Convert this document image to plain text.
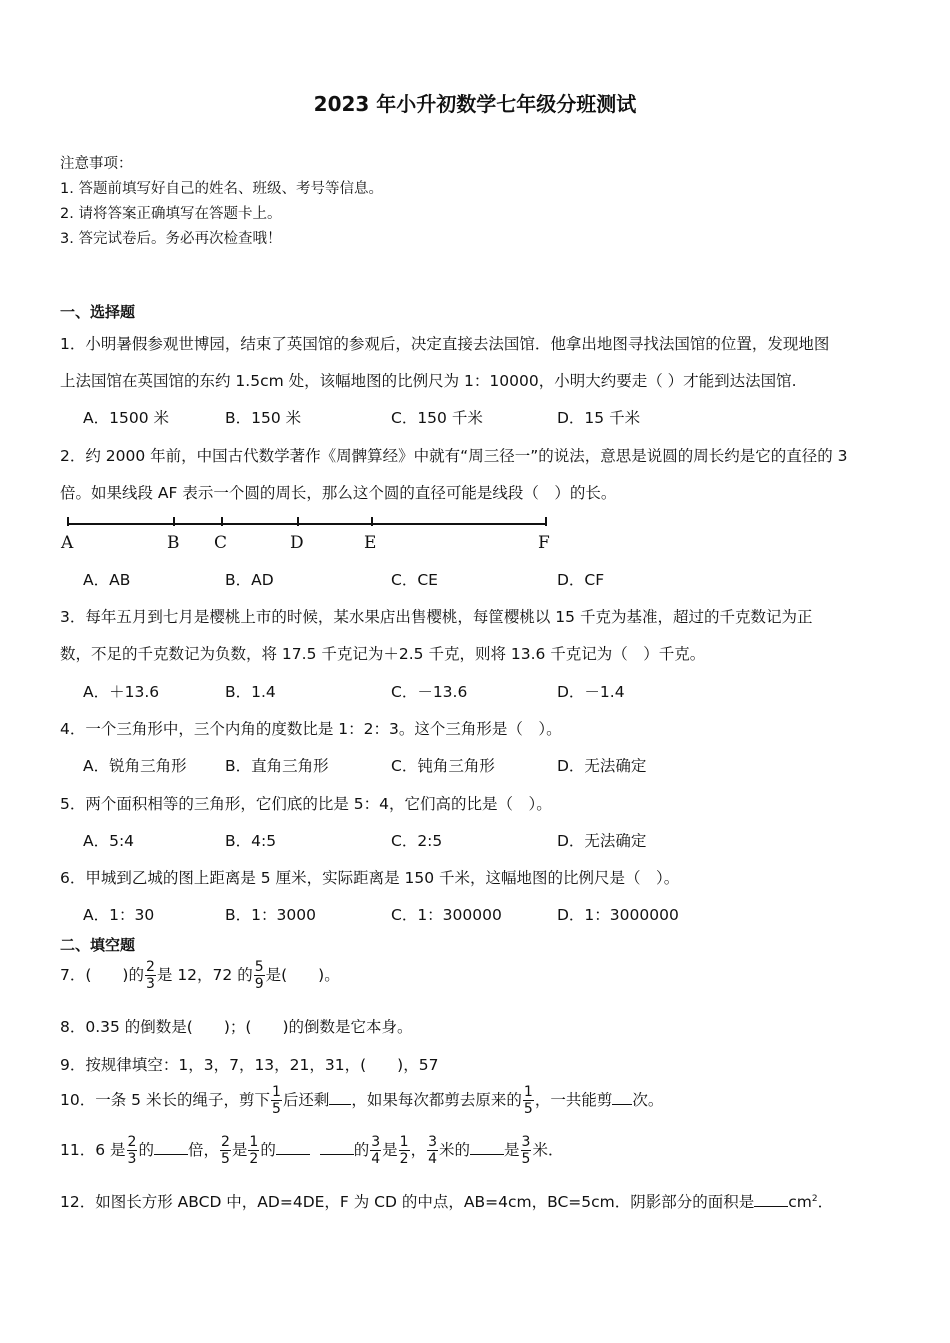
2023 年小升初数学七年级分班测试
注意事项：
1. 答题前填写好自己的姓名、班级、考号等信息。
2. 请将答案正确填写在答题卡上。
3. 答完试卷后。务必再次检查哦！
一、选择题
1．小明暑假参观世博园，结束了英国馆的参观后，决定直接去法国馆．他拿出地图寻找法国馆的位置，发现地图
上法国馆在英国馆的东约 1.5cm 处，该幅地图的比例尺为 1：10000，小明大约要走（ ）才能到达法国馆.
A．1500 米	B．150 米	C．150 千米	D．15 千米
2．约 2000 年前，中国古代数学著作《周髀算经》中就有“周三径一”的说法，意思是说圆的周长约是它的直径的 3
倍。如果线段 AF 表示一个圆的周长，那么这个圆的直径可能是线段（　）的长。
A	B C	D	E	F
A．AB	B．AD	C．CE	D．CF
3．每年五月到七月是樱桃上市的时候，某水果店出售樱桃，每筐樱桃以 15 千克为基准，超过的千克数记为正
数，不足的千克数记为负数，将 17.5 千克记为＋2.5 千克，则将 13.6 千克记为（　）千克。
A．＋13.6	B．1.4	C．－13.6	D．－1.4
4．一个三角形中，三个内角的度数比是 1：2：3。这个三角形是（　）。
A．锐角三角形 B．直角三角形	C．钝角三角形	D．无法确定
5．两个面积相等的三角形，它们底的比是 5：4，它们高的比是（　）。
A．5:4	B．4:5	C．2:5	D．无法确定
6．甲城到乙城的图上距离是 5 厘米，实际距离是 150 千米，这幅地图的比例尺是（　）。
A．1：30	B．1：3000	C．1：300000	D．1：3000000
二、填空题
7．(　　)的 $\frac{2}{3}$ 是 12，72 的 $\frac{5}{9}$ 是(　　)。
8．0.35 的倒数是(　　)；(　　)的倒数是它本身。
9．按规律填空：1，3，7，13，21，31，(　　)，57
10．一条 5 米长的绳子，剪下 $\frac{1}{5}$ 后还剩 ，如果每次都剪去原来的 $\frac{1}{5}$ ，一共能剪 次。
11．6 是 $\frac{2}{3}$ 的 倍， $\frac{2}{5}$ 是 $\frac{1}{2}$ 的	的 $\frac{3}{4}$ 是 $\frac{1}{2}$ ， $\frac{3}{4}$ 米的 是 $\frac{3}{5}$ 米．
12．如图长方形 ABCD 中，AD=4DE，F 为 CD 的中点，AB=4cm，BC=5cm．阴影部分的面积是 $cm^2$．
